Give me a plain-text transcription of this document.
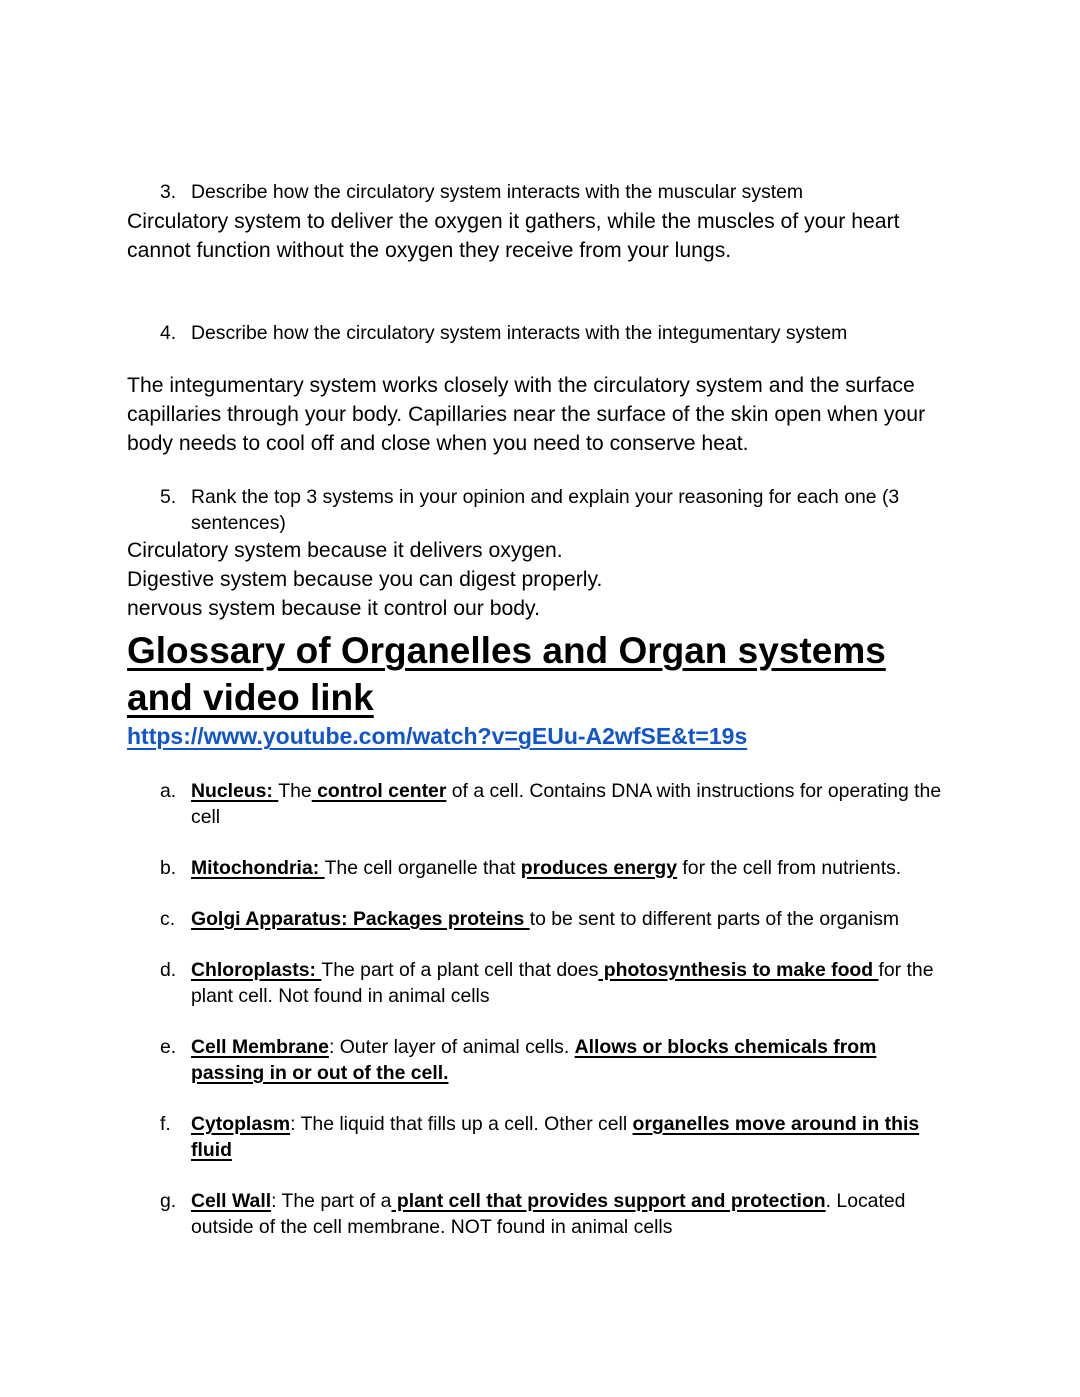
3. Describe how the circulatory system interacts with the muscular system

Circulatory system to deliver the oxygen it gathers, while the muscles of your heart cannot function without the oxygen they receive from your lungs.

4. Describe how the circulatory system interacts with the integumentary system

The integumentary system works closely with the circulatory system and the surface capillaries through your body. Capillaries near the surface of the skin open when your body needs to cool off and close when you need to conserve heat.

5. Rank the top 3 systems in your opinion and explain your reasoning for each one (3 sentences)

Circulatory system because it delivers oxygen.

Digestive system because you can digest properly.

nervous system because it control our body.

Glossary of Organelles and Organ systems and video link

https://www.youtube.com/watch?v=gEUu-A2wfSE&t=19s

a. Nucleus: The control center of a cell. Contains DNA with instructions for operating the cell
b. Mitochondria: The cell organelle that produces energy for the cell from nutrients.
c. Golgi Apparatus: Packages proteins to be sent to different parts of the organism
d. Chloroplasts: The part of a plant cell that does photosynthesis to make food for the plant cell. Not found in animal cells
e. Cell Membrane: Outer layer of animal cells. Allows or blocks chemicals from passing in or out of the cell.
f.	Cytoplasm: The liquid that fills up a cell. Other cell organelles move around in this fluid
g. Cell Wall: The part of a plant cell that provides support and protection. Located outside of the cell membrane. NOT found in animal cells
